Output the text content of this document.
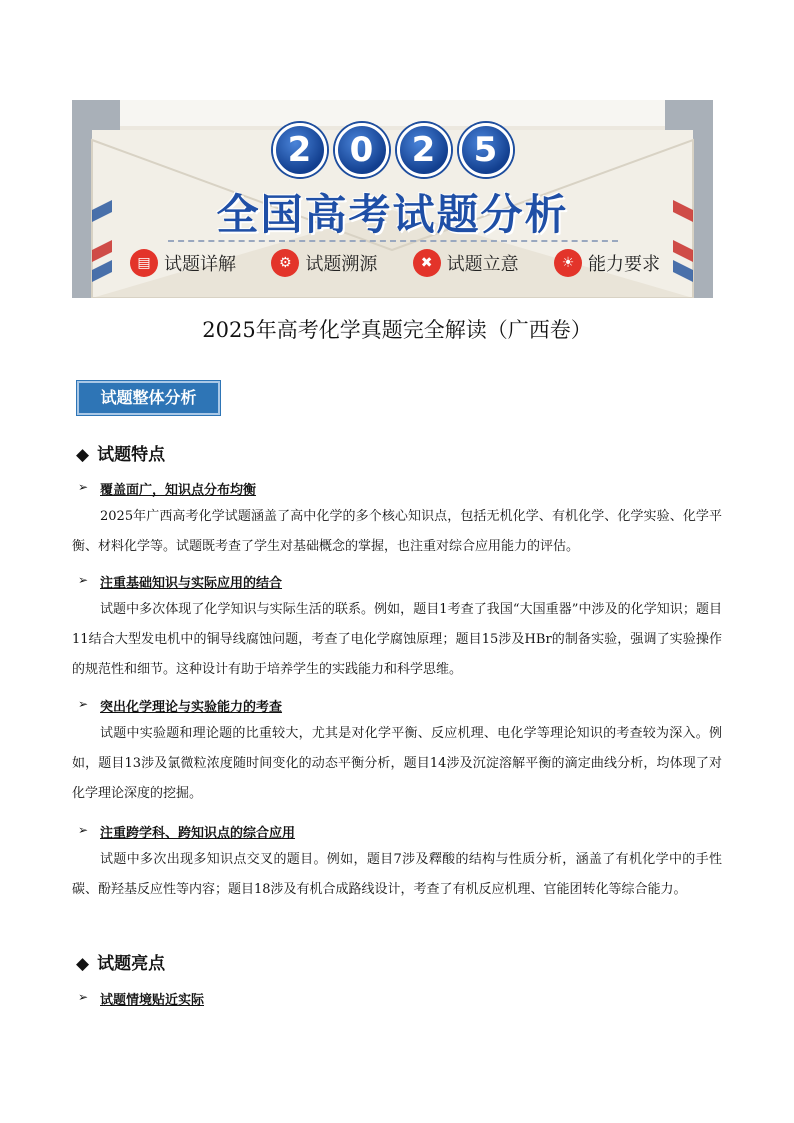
2 0 2 5
全国高考试题分析
▤ 试题详解	⚙ 试题溯源	✖ 试题立意	☀ 能力要求
2025年高考化学真题完全解读（广西卷）
试题整体分析
◆ 试题特点
➢ 覆盖面广，知识点分布均衡

2025年广西高考化学试题涵盖了高中化学的多个核心知识点，包括无机化学、有机化学、化学实验、化学平衡、材料化学等。试题既考查了学生对基础概念的掌握，也注重对综合应用能力的评估。

➢ 注重基础知识与实际应用的结合

试题中多次体现了化学知识与实际生活的联系。例如，题目1考查了我国“大国重器”中涉及的化学知识；题目11结合大型发电机中的铜导线腐蚀问题，考查了电化学腐蚀原理；题目15涉及HBr的制备实验，强调了实验操作的规范性和细节。这种设计有助于培养学生的实践能力和科学思维。

➢ 突出化学理论与实验能力的考查

试题中实验题和理论题的比重较大，尤其是对化学平衡、反应机理、电化学等理论知识的考查较为深入。例如，题目13涉及氯微粒浓度随时间变化的动态平衡分析，题目14涉及沉淀溶解平衡的滴定曲线分析，均体现了对化学理论深度的挖掘。

➢ 注重跨学科、跨知识点的综合应用

试题中多次出现多知识点交叉的题目。例如，题目7涉及釋酸的结构与性质分析，涵盖了有机化学中的手性碳、酚羟基反应性等内容；题目18涉及有机合成路线设计，考查了有机反应机理、官能团转化等综合能力。

◆ 试题亮点
➢ 试题情境贴近实际
